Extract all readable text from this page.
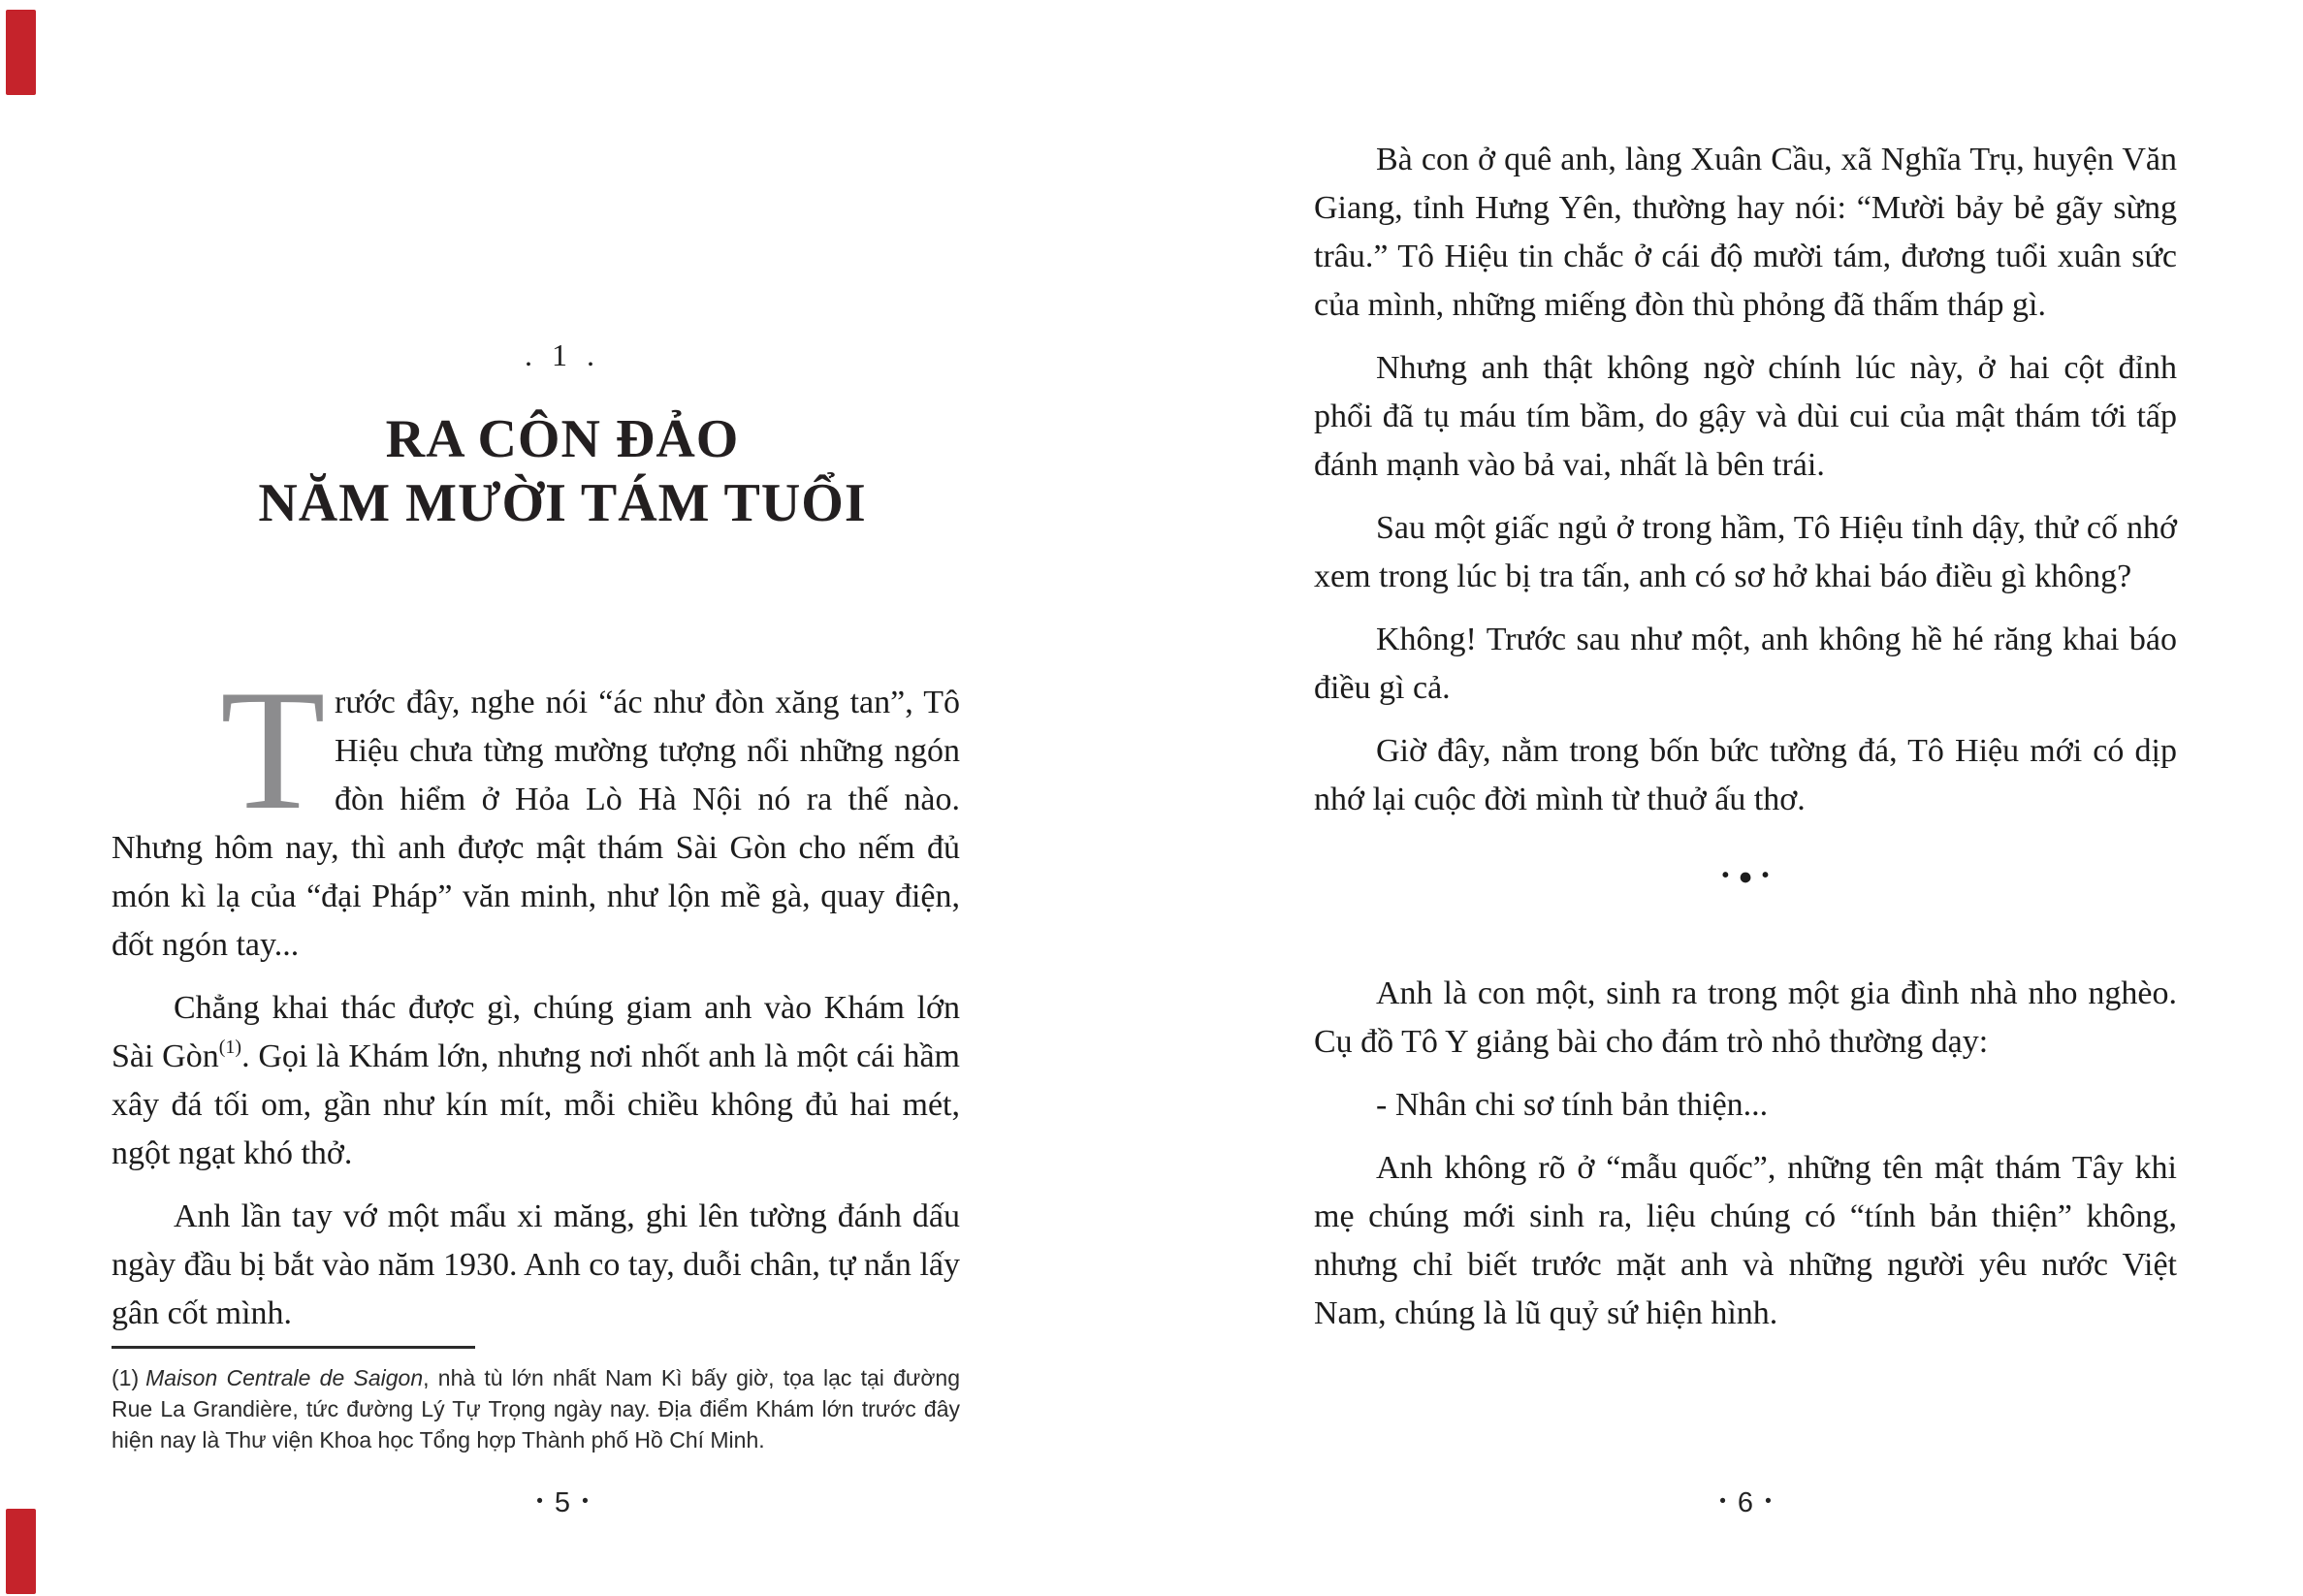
. 1 .
RA CÔN ĐẢO
NĂM MƯỜI TÁM TUỔI

T rước đây, nghe nói “ác như đòn xăng tan”, Tô Hiệu chưa từng mường tượng nổi những ngón đòn hiểm ở Hỏa Lò Hà Nội nó ra thế nào. Nhưng hôm nay, thì anh được mật thám Sài Gòn cho nếm đủ món kì lạ của “đại Pháp” văn minh, như lộn mề gà, quay điện, đốt ngón tay...

Chẳng khai thác được gì, chúng giam anh vào Khám lớn Sài Gòn$^{(1)}$. Gọi là Khám lớn, nhưng nơi nhốt anh là một cái hầm xây đá tối om, gần như kín mít, mỗi chiều không đủ hai mét, ngột ngạt khó thở.

Anh lần tay vớ một mẩu xi măng, ghi lên tường đánh dấu ngày đầu bị bắt vào năm 1930. Anh co tay, duỗi chân, tự nắn lấy gân cốt mình.

(1) Maison Centrale de Saigon, nhà tù lớn nhất Nam Kì bấy giờ, tọa lạc tại đường Rue La Grandière, tức đường Lý Tự Trọng ngày nay. Địa điểm Khám lớn trước đây hiện nay là Thư viện Khoa học Tổng hợp Thành phố Hồ Chí Minh.

• 5 •

Bà con ở quê anh, làng Xuân Cầu, xã Nghĩa Trụ, huyện Văn Giang, tỉnh Hưng Yên, thường hay nói: “Mười bảy bẻ gãy sừng trâu.” Tô Hiệu tin chắc ở cái độ mười tám, đương tuổi xuân sức của mình, những miếng đòn thù phỏng đã thấm tháp gì.

Nhưng anh thật không ngờ chính lúc này, ở hai cột đỉnh phổi đã tụ máu tím bầm, do gậy và dùi cui của mật thám tới tấp đánh mạnh vào bả vai, nhất là bên trái.

Sau một giấc ngủ ở trong hầm, Tô Hiệu tỉnh dậy, thử cố nhớ xem trong lúc bị tra tấn, anh có sơ hở khai báo điều gì không?

Không! Trước sau như một, anh không hề hé răng khai báo điều gì cả.

Giờ đây, nằm trong bốn bức tường đá, Tô Hiệu mới có dịp nhớ lại cuộc đời mình từ thuở ấu thơ.

· ● ·

Anh là con một, sinh ra trong một gia đình nhà nho nghèo. Cụ đồ Tô Y giảng bài cho đám trò nhỏ thường dạy:

- Nhân chi sơ tính bản thiện...

Anh không rõ ở “mẫu quốc”, những tên mật thám Tây khi mẹ chúng mới sinh ra, liệu chúng có “tính bản thiện” không, nhưng chỉ biết trước mặt anh và những người yêu nước Việt Nam, chúng là lũ quỷ sứ hiện hình.

• 6 •
